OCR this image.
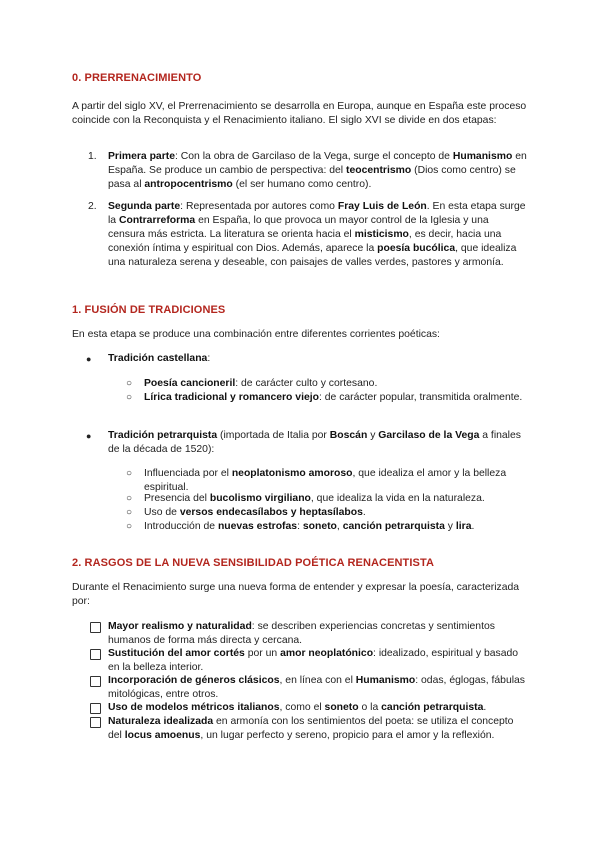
0. PRERRENACIMIENTO

A partir del siglo XV, el Prerrenacimiento se desarrolla en Europa, aunque en España este proceso coincide con la Reconquista y el Renacimiento italiano. El siglo XVI se divide en dos etapas:

1. Primera parte: Con la obra de Garcilaso de la Vega, surge el concepto de Humanismo en España. Se produce un cambio de perspectiva: del teocentrismo (Dios como centro) se pasa al antropocentrismo (el ser humano como centro).
2. Segunda parte: Representada por autores como Fray Luis de León. En esta etapa surge la Contrarreforma en España, lo que provoca un mayor control de la Iglesia y una censura más estricta. La literatura se orienta hacia el misticismo, es decir, hacia una conexión íntima y espiritual con Dios. Además, aparece la poesía bucólica, que idealiza una naturaleza serena y deseable, con paisajes de valles verdes, pastores y armonía.
1. FUSIÓN DE TRADICIONES

En esta etapa se produce una combinación entre diferentes corrientes poéticas:

● Tradición castellana:
○ Poesía cancioneril: de carácter culto y cortesano.
○ Lírica tradicional y romancero viejo: de carácter popular, transmitida oralmente.
● Tradición petrarquista (importada de Italia por Boscán y Garcilaso de la Vega a finales de la década de 1520):
○ Influenciada por el neoplatonismo amoroso, que idealiza el amor y la belleza espiritual.
○ Presencia del bucolismo virgiliano, que idealiza la vida en la naturaleza.
○ Uso de versos endecasílabos y heptasílabos.
○ Introducción de nuevas estrofas: soneto, canción petrarquista y lira.
2. RASGOS DE LA NUEVA SENSIBILIDAD POÉTICA RENACENTISTA

Durante el Renacimiento surge una nueva forma de entender y expresar la poesía, caracterizada por:

Mayor realismo y naturalidad: se describen experiencias concretas y sentimientos humanos de forma más directa y cercana.
Sustitución del amor cortés por un amor neoplatónico: idealizado, espiritual y basado en la belleza interior.
Incorporación de géneros clásicos, en línea con el Humanismo: odas, églogas, fábulas mitológicas, entre otros.
Uso de modelos métricos italianos, como el soneto o la canción petrarquista.
Naturaleza idealizada en armonía con los sentimientos del poeta: se utiliza el concepto del locus amoenus, un lugar perfecto y sereno, propicio para el amor y la reflexión.
